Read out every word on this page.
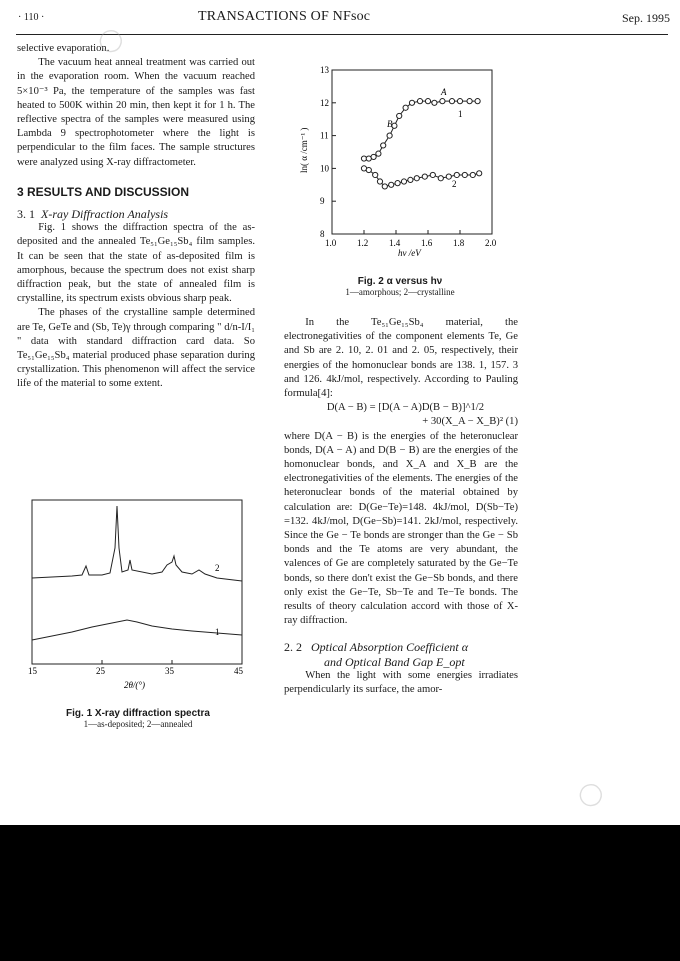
· 110 ·	TRANSACTIONS OF NFsoc	Sep. 1995

selective evaporation.

The vacuum heat anneal treatment was carried out in the evaporation room. When the vacuum reached 5×10⁻³ Pa, the temperature of the samples was fast heated to 500K within 20 min, then kept it for 1 h. The reflective spectra of the samples were measured using Lambda 9 spectrophotometer where the light is perpendicular to the film faces. The sample structures were analyzed using X-ray diffractometer.

3 RESULTS AND DISCUSSION

3. 1 X-ray Diffraction Analysis

Fig. 1 shows the diffraction spectra of the as-deposited and the annealed Te₅₁Ge₁₅Sb₄ film samples. It can be seen that the state of as-deposited film is amorphous, because the spectrum does not exist sharp diffraction peak, but the state of annealed film is crystalline, its spectrum exists obvious sharp peak.

The phases of the crystalline sample determined are Te, GeTe and (Sb, Te)γ through comparing " d/n-I/I₁ " data with standard diffraction card data. So Te₅₁Ge₁₅Sb₄ material produced phase separation during crystallization. This phenomenon will affect the service life of the material to some extent.

2
1
15	25	35	45
2θ/(°)
Fig. 1 X-ray diffraction spectra
1—as-deposited; 2—annealed
8
9
10
11
12
13
1.0 1.2 1.4 1.6 1.8 2.0
ln( α /cm⁻¹ )
hν /eV
A
B
1
2
Fig. 2 α versus hν
1—amorphous; 2—crystalline

In the Te₅₁Ge₁₅Sb₄ material, the electronegativities of the component elements Te, Ge and Sb are 2. 10, 2. 01 and 2. 05, respectively, their energies of the homonuclear bonds are 138. 1, 157. 3 and 126. 4kJ/mol, respectively. According to Pauling formula[4]:

D(A − B) = [D(A − A)D(B − B)]^1/2

+ 30(X_A − X_B)² (1)

where D(A − B) is the energies of the heteronuclear bonds, D(A − A) and D(B − B) are the energies of the homonuclear bonds, and X_A and X_B are the electronegativities of the elements. The energies of the heteronuclear bonds of the material obtained by calculation are: D(Ge−Te)=148. 4kJ/mol, D(Sb−Te) =132. 4kJ/mol, D(Ge−Sb)=141. 2kJ/mol, respectively. Since the Ge − Te bonds are stronger than the Ge − Sb bonds and the Te atoms are very abundant, the valences of Ge are completely saturated by the Ge−Te bonds, so there don't exist the Ge−Sb bonds, and there only exist the Ge−Te, Sb−Te and Te−Te bonds. The results of theory calculation accord with those of X-ray diffraction.

2. 2 Optical Absorption Coefficient α

and Optical Band Gap E_opt

When the light with some energies irradiates perpendicularly its surface, the amor-

◯
◯
